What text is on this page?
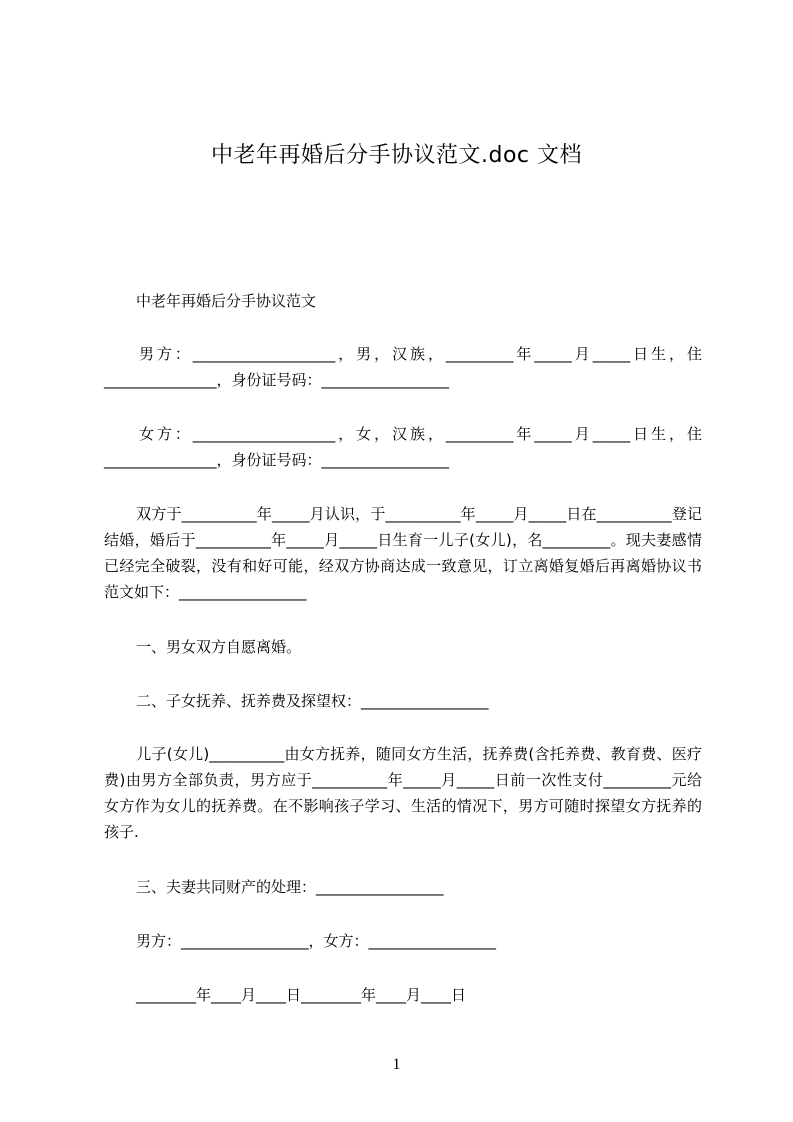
中老年再婚后分手协议范文.doc 文档
中老年再婚后分手协议范文
男方：___________________，男，汉族，_________年_____月_____日生，住_______________，身份证号码：_________________
女方：___________________，女，汉族，_________年_____月_____日生，住_______________，身份证号码：_________________
双方于__________年_____月认识，于__________年_____月_____日在__________登记结婚，婚后于__________年_____月_____日生育一儿子(女儿)，名_________。现夫妻感情已经完全破裂，没有和好可能，经双方协商达成一致意见，订立离婚复婚后再离婚协议书范文如下：_________________
一、男女双方自愿离婚。
二、子女抚养、抚养费及探望权：_________________
儿子(女儿)__________由女方抚养，随同女方生活，抚养费(含托养费、教育费、医疗费)由男方全部负责，男方应于__________年_____月_____日前一次性支付_________元给女方作为女儿的抚养费。在不影响孩子学习、生活的情况下，男方可随时探望女方抚养的孩子.
三、夫妻共同财产的处理：_________________
男方：_________________，女方：_________________
________年____月____日________年____月____日
1
